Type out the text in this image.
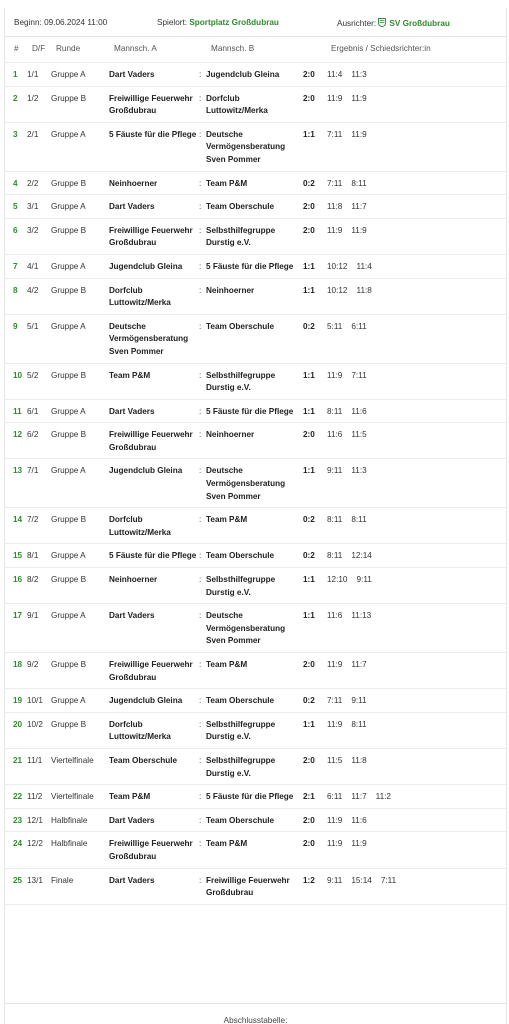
Beginn: 09.06.2024 11:00	Spielort: Sportplatz Großdubrau	Ausrichter: SV Großdubrau
# D/F Runde	Mannsch. A	Mannsch. B	Ergebnis / Schiedsrichter:in
1	1/1	Gruppe A	Dart Vaders	:	Jugendclub Gleina	2:0	11:4 11:3
2	1/2	Gruppe B	Freiwillige Feuerwehr Großdubrau	:	Dorfclub Luttowitz/Merka	2:0	11:9 11:9
3	2/1	Gruppe A	5 Fäuste für die Pflege	:	Deutsche Vermögensberatung Sven Pommer	1:1	7:11 11:9
4	2/2	Gruppe B	Neinhoerner	:	Team P&M	0:2	7:11 8:11
5	3/1	Gruppe A	Dart Vaders	:	Team Oberschule	2:0	11:8 11:7
6	3/2	Gruppe B	Freiwillige Feuerwehr Großdubrau	:	Selbsthilfegruppe Durstig e.V.	2:0	11:9 11:9
7	4/1	Gruppe A	Jugendclub Gleina	:	5 Fäuste für die Pflege	1:1	10:12 11:4
8	4/2	Gruppe B	Dorfclub Luttowitz/Merka	:	Neinhoerner	1:1	10:12 11:8
9	5/1	Gruppe A	Deutsche Vermögensberatung Sven Pommer	:	Team Oberschule	0:2	5:11 6:11
10	5/2	Gruppe B	Team P&M	:	Selbsthilfegruppe Durstig e.V.	1:1	11:9 7:11
11	6/1	Gruppe A	Dart Vaders	:	5 Fäuste für die Pflege	1:1	8:11 11:6
12	6/2	Gruppe B	Freiwillige Feuerwehr Großdubrau	:	Neinhoerner	2:0	11:6 11:5
13	7/1	Gruppe A	Jugendclub Gleina	:	Deutsche Vermögensberatung Sven Pommer	1:1	9:11 11:3
14	7/2	Gruppe B	Dorfclub Luttowitz/Merka	:	Team P&M	0:2	8:11 8:11
15	8/1	Gruppe A	5 Fäuste für die Pflege	:	Team Oberschule	0:2	8:11 12:14
16	8/2	Gruppe B	Neinhoerner	:	Selbsthilfegruppe Durstig e.V.	1:1	12:10 9:11
17	9/1	Gruppe A	Dart Vaders	:	Deutsche Vermögensberatung Sven Pommer	1:1	11:6 11:13
18	9/2	Gruppe B	Freiwillige Feuerwehr Großdubrau	:	Team P&M	2:0	11:9 11:7
19	10/1	Gruppe A	Jugendclub Gleina	:	Team Oberschule	0:2	7:11 9:11
20	10/2	Gruppe B	Dorfclub Luttowitz/Merka	:	Selbsthilfegruppe Durstig e.V.	1:1	11:9 8:11
21	11/1	Viertelfinale	Team Oberschule	:	Selbsthilfegruppe Durstig e.V.	2:0	11:5 11:8
22	11/2	Viertelfinale	Team P&M	:	5 Fäuste für die Pflege	2:1	6:11 11:7 11:2
23	12/1	Halbfinale	Dart Vaders	:	Team Oberschule	2:0	11:9 11:6
24	12/2	Halbfinale	Freiwillige Feuerwehr Großdubrau	:	Team P&M	2:0	11:9 11:9
25	13/1	Finale	Dart Vaders	:	Freiwillige Feuerwehr Großdubrau	1:2	9:11 15:14 7:11
Abschlusstabelle:
